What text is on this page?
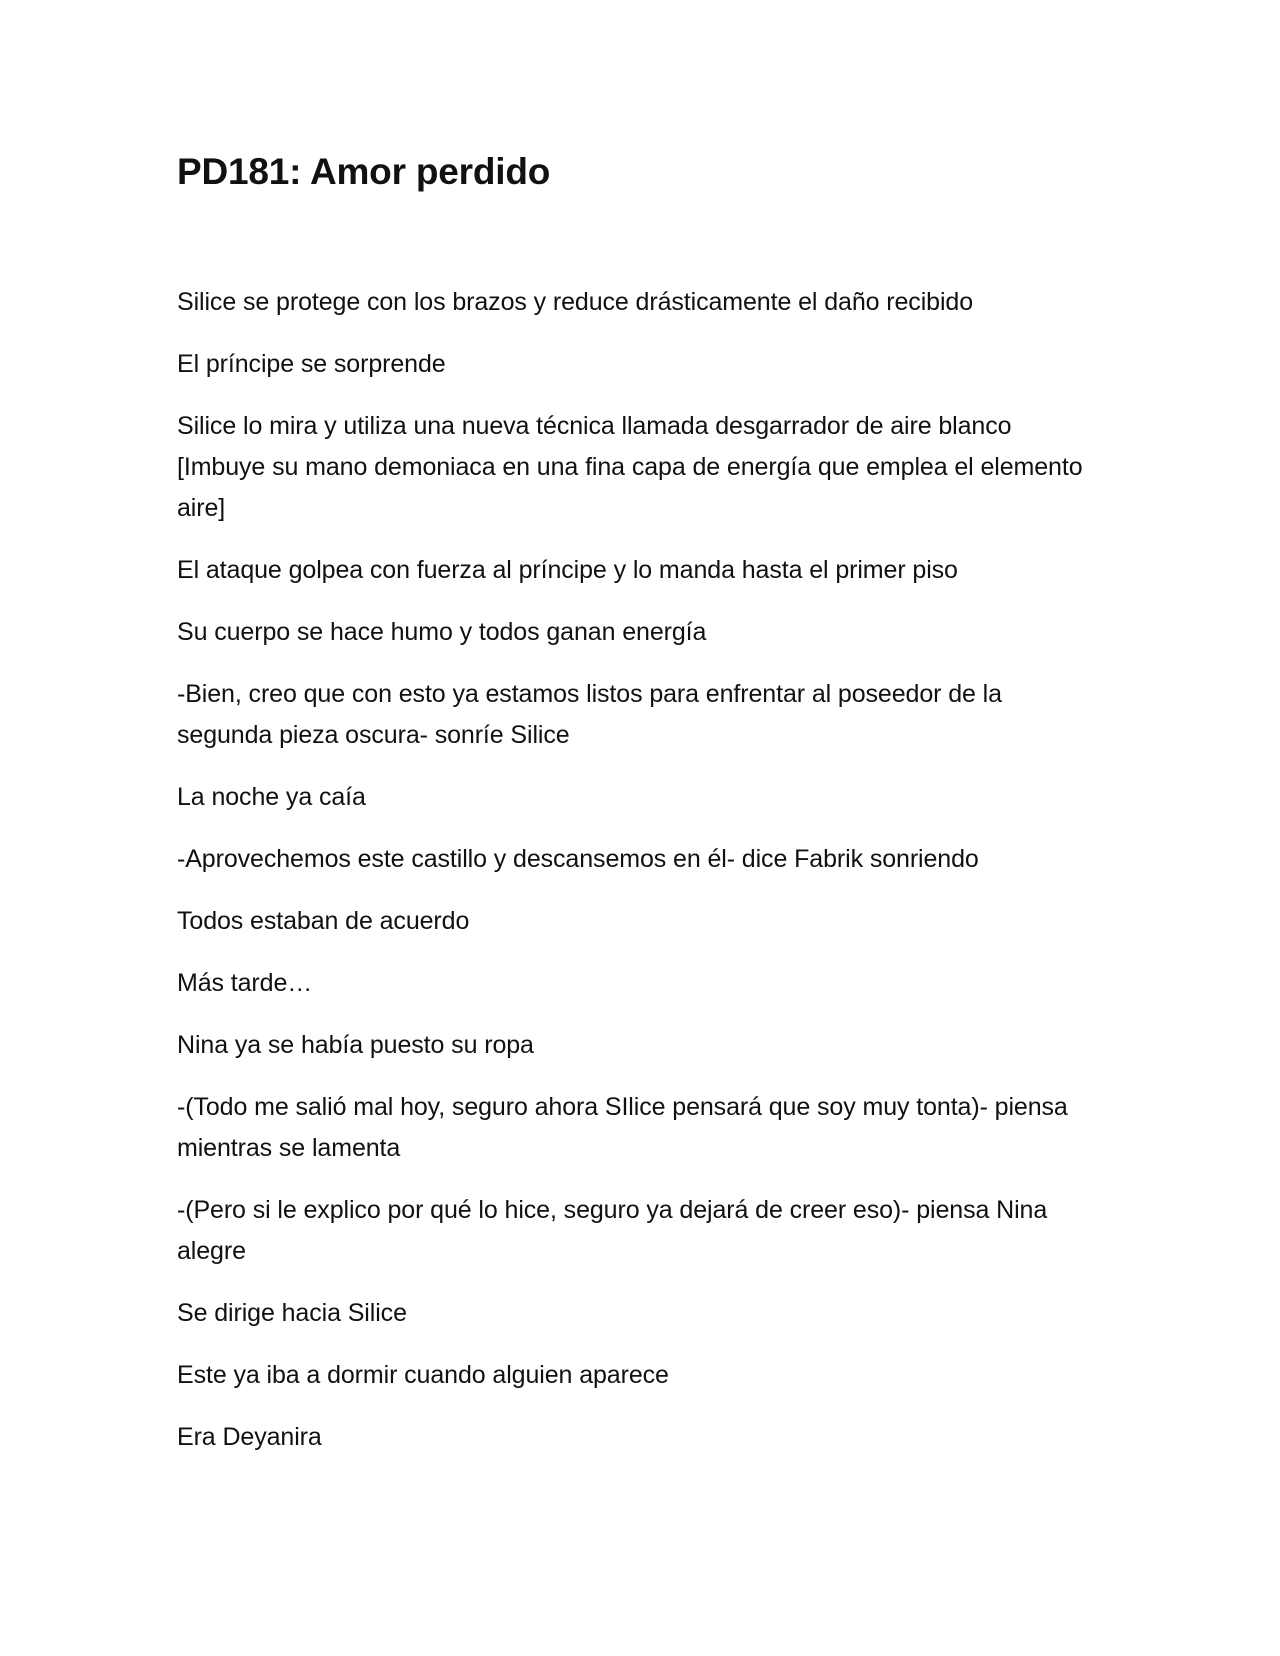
PD181: Amor perdido

Silice se protege con los brazos y reduce drásticamente el daño recibido

El príncipe se sorprende

Silice lo mira y utiliza una nueva técnica llamada desgarrador de aire blanco [Imbuye su mano demoniaca en una fina capa de energía que emplea el elemento aire]

El ataque golpea con fuerza al príncipe y lo manda hasta el primer piso

Su cuerpo se hace humo y todos ganan energía

-Bien, creo que con esto ya estamos listos para enfrentar al poseedor de la segunda pieza oscura- sonríe Silice

La noche ya caía

-Aprovechemos este castillo y descansemos en él- dice Fabrik sonriendo

Todos estaban de acuerdo

Más tarde…

Nina ya se había puesto su ropa

-(Todo me salió mal hoy, seguro ahora SIlice pensará que soy muy tonta)- piensa mientras se lamenta

-(Pero si le explico por qué lo hice, seguro ya dejará de creer eso)- piensa Nina alegre

Se dirige hacia Silice

Este ya iba a dormir cuando alguien aparece

Era Deyanira
